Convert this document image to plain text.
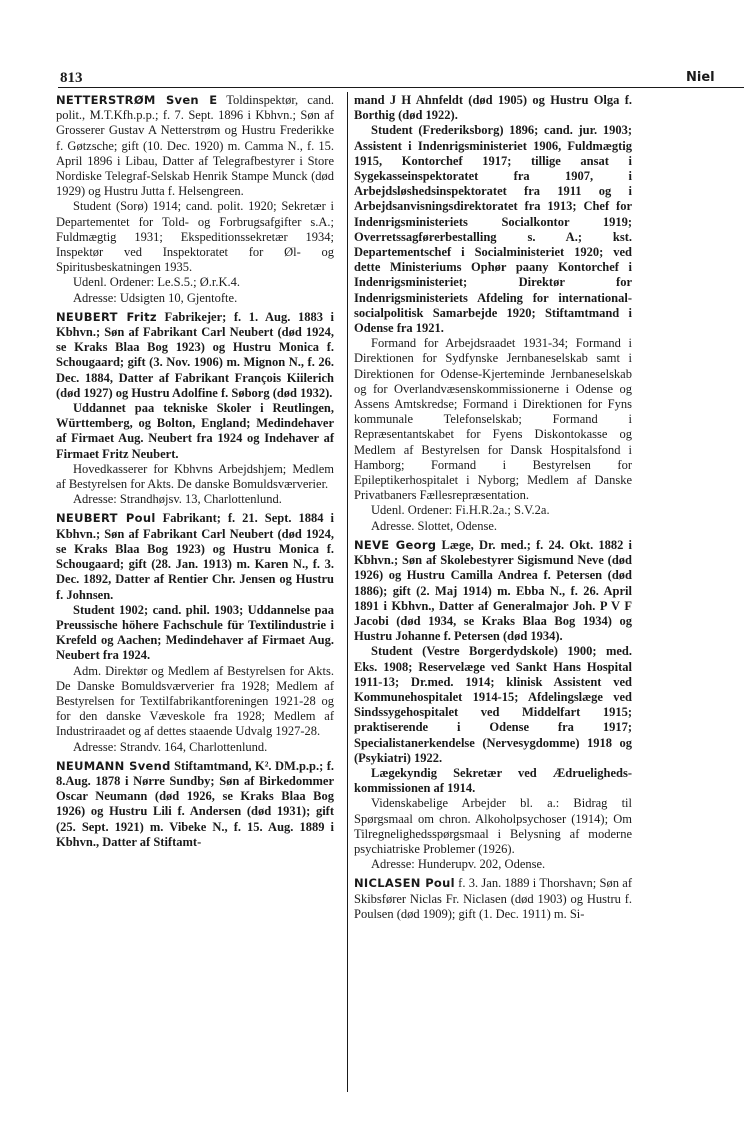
813	Niel

NETTERSTRØM Sven E Toldinspektør, cand. polit., M.T.Kfh.p.p.; f. 7. Sept. 1896 i Kbhvn.; Søn af Grosserer Gustav A Netterstrøm og Hustru Frederikke f. Gøtzsche; gift (10. Dec. 1920) m. Camma N., f. 15. April 1896 i Libau, Datter af Telegrafbestyrer i Store Nordiske Telegraf-Selskab Henrik Stampe Munck (død 1929) og Hustru Jutta f. Helsengreen.

Student (Sorø) 1914; cand. polit. 1920; Sekretær i Departementet for Told- og Forbrugsafgifter s.A.; Fuldmægtig 1931; Ekspeditionssekretær 1934; Inspektør ved Inspektoratet for Øl- og Spiritusbeskatningen 1935.

Udenl. Ordener: Le.S.5.; Ø.r.K.4.

Adresse: Udsigten 10, Gjentofte.

NEUBERT Fritz Fabrikejer; f. 1. Aug. 1883 i Kbhvn.; Søn af Fabrikant Carl Neubert (død 1924, se Kraks Blaa Bog 1923) og Hustru Monica f. Schougaard; gift (3. Nov. 1906) m. Mignon N., f. 26. Dec. 1884, Datter af Fabrikant François Kiilerich (død 1927) og Hustru Adolfine f. Søborg (død 1932).

Uddannet paa tekniske Skoler i Reutlingen, Württemberg, og Bolton, England; Medindehaver af Firmaet Aug. Neubert fra 1924 og Indehaver af Firmaet Fritz Neubert.

Hovedkasserer for Kbhvns Arbejdshjem; Medlem af Bestyrelsen for Akts. De danske Bomuldsværverier.

Adresse: Strandhøjsv. 13, Charlottenlund.

NEUBERT Poul Fabrikant; f. 21. Sept. 1884 i Kbhvn.; Søn af Fabrikant Carl Neubert (død 1924, se Kraks Blaa Bog 1923) og Hustru Monica f. Schougaard; gift (28. Jan. 1913) m. Karen N., f. 3. Dec. 1892, Datter af Rentier Chr. Jensen og Hustru f. Johnsen.

Student 1902; cand. phil. 1903; Uddannelse paa Preussische höhere Fachschule für Textilindustrie i Krefeld og Aachen; Medindehaver af Firmaet Aug. Neubert fra 1924.

Adm. Direktør og Medlem af Bestyrelsen for Akts. De Danske Bomuldsværverier fra 1928; Medlem af Bestyrelsen for Textilfabrikantforeningen 1921-28 og for den danske Væveskole fra 1928; Medlem af Industriraadet og af dettes staaende Udvalg 1927-28.

Adresse: Strandv. 164, Charlottenlund.

NEUMANN Svend Stiftamtmand, K². DM.p.p.; f. 8.Aug. 1878 i Nørre Sundby; Søn af Birkedommer Oscar Neumann (død 1926, se Kraks Blaa Bog 1926) og Hustru Lili f. Andersen (død 1931); gift (25. Sept. 1921) m. Vibeke N., f. 15. Aug. 1889 i Kbhvn., Datter af Stiftamt-

mand J H Ahnfeldt (død 1905) og Hustru Olga f. Borthig (død 1922).

Student (Frederiksborg) 1896; cand. jur. 1903; Assistent i Indenrigsministeriet 1906, Fuldmægtig 1915, Kontorchef 1917; tillige ansat i Sygekasseinspektoratet fra 1907, i Arbejdsløshedsinspektoratet fra 1911 og i Arbejdsanvisningsdirektoratet fra 1913; Chef for Indenrigsministeriets Socialkontor 1919; Overretssagførerbestalling s. A.; kst. Departementschef i Socialministeriet 1920; ved dette Ministeriums Ophør paany Kontorchef i Indenrigsministeriet; Direktør for Indenrigsministeriets Afdeling for international-socialpolitisk Samarbejde 1920; Stiftamtmand i Odense fra 1921.

Formand for Arbejdsraadet 1931-34; Formand i Direktionen for Sydfynske Jernbaneselskab samt i Direktionen for Odense-Kjerteminde Jernbaneselskab og for Overlandvæsenskommissionerne i Odense og Assens Amtskredse; Formand i Direktionen for Fyns kommunale Telefonselskab; Formand i Repræsentantskabet for Fyens Diskontokasse og Medlem af Bestyrelsen for Dansk Hospitalsfond i Hamborg; Formand i Bestyrelsen for Epileptikerhospitalet i Nyborg; Medlem af Danske Privatbaners Fællesrepræsentation.

Udenl. Ordener: Fi.H.R.2a.; S.V.2a.

Adresse. Slottet, Odense.

NEVE Georg Læge, Dr. med.; f. 24. Okt. 1882 i Kbhvn.; Søn af Skolebestyrer Sigismund Neve (død 1926) og Hustru Camilla Andrea f. Petersen (død 1886); gift (2. Maj 1914) m. Ebba N., f. 26. April 1891 i Kbhvn., Datter af Generalmajor Joh. P V F Jacobi (død 1934, se Kraks Blaa Bog 1934) og Hustru Johanne f. Petersen (død 1934).

Student (Vestre Borgerdydskole) 1900; med. Eks. 1908; Reservelæge ved Sankt Hans Hospital 1911-13; Dr.med. 1914; klinisk Assistent ved Kommunehospitalet 1914-15; Afdelingslæge ved Sindssygehospitalet ved Middelfart 1915; praktiserende i Odense fra 1917; Specialistanerkendelse (Nervesygdomme) 1918 og (Psykiatri) 1922.

Lægekyndig Sekretær ved Ædruelighedskommissionen af 1914.

Videnskabelige Arbejder bl. a.: Bidrag til Spørgsmaal om chron. Alkoholpsychoser (1914); Om Tilregnelighedsspørgsmaal i Belysning af moderne psychiatriske Problemer (1926).

Adresse: Hunderupv. 202, Odense.

NICLASEN Poul f. 3. Jan. 1889 i Thorshavn; Søn af Skibsfører Niclas Fr. Niclasen (død 1903) og Hustru f. Poulsen (død 1909); gift (1. Dec. 1911) m. Si-
